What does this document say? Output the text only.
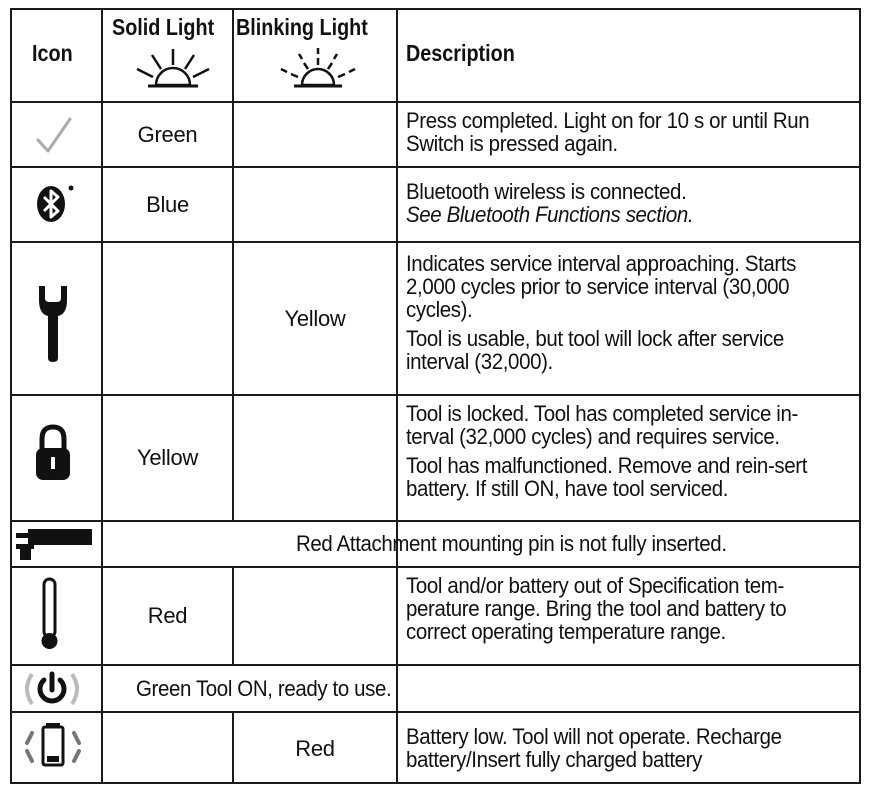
Icon
Solid Light Blinking Light
Description
Green

Press completed. Light on for 10 s or until Run Switch is pressed again.

Blue

Bluetooth wireless is connected.

See Bluetooth Functions section.

Yellow

Indicates service interval approaching. Starts 2,000 cycles prior to service interval (30,000 cycles).

Tool is usable, but tool will lock after service interval (32,000).

Yellow

Tool is locked. Tool has completed service in-terval (32,000 cycles) and requires service.

Tool has malfunctioned. Remove and rein-sert battery. If still ON, have tool serviced.

Red Attachment mounting pin is not fully inserted.
Red

Tool and/or battery out of Specification tem-perature range. Bring the tool and battery to correct operating temperature range.

Green Tool ON, ready to use.
Red	Battery low. Tool will not operate. Recharge battery/Insert fully charged battery
